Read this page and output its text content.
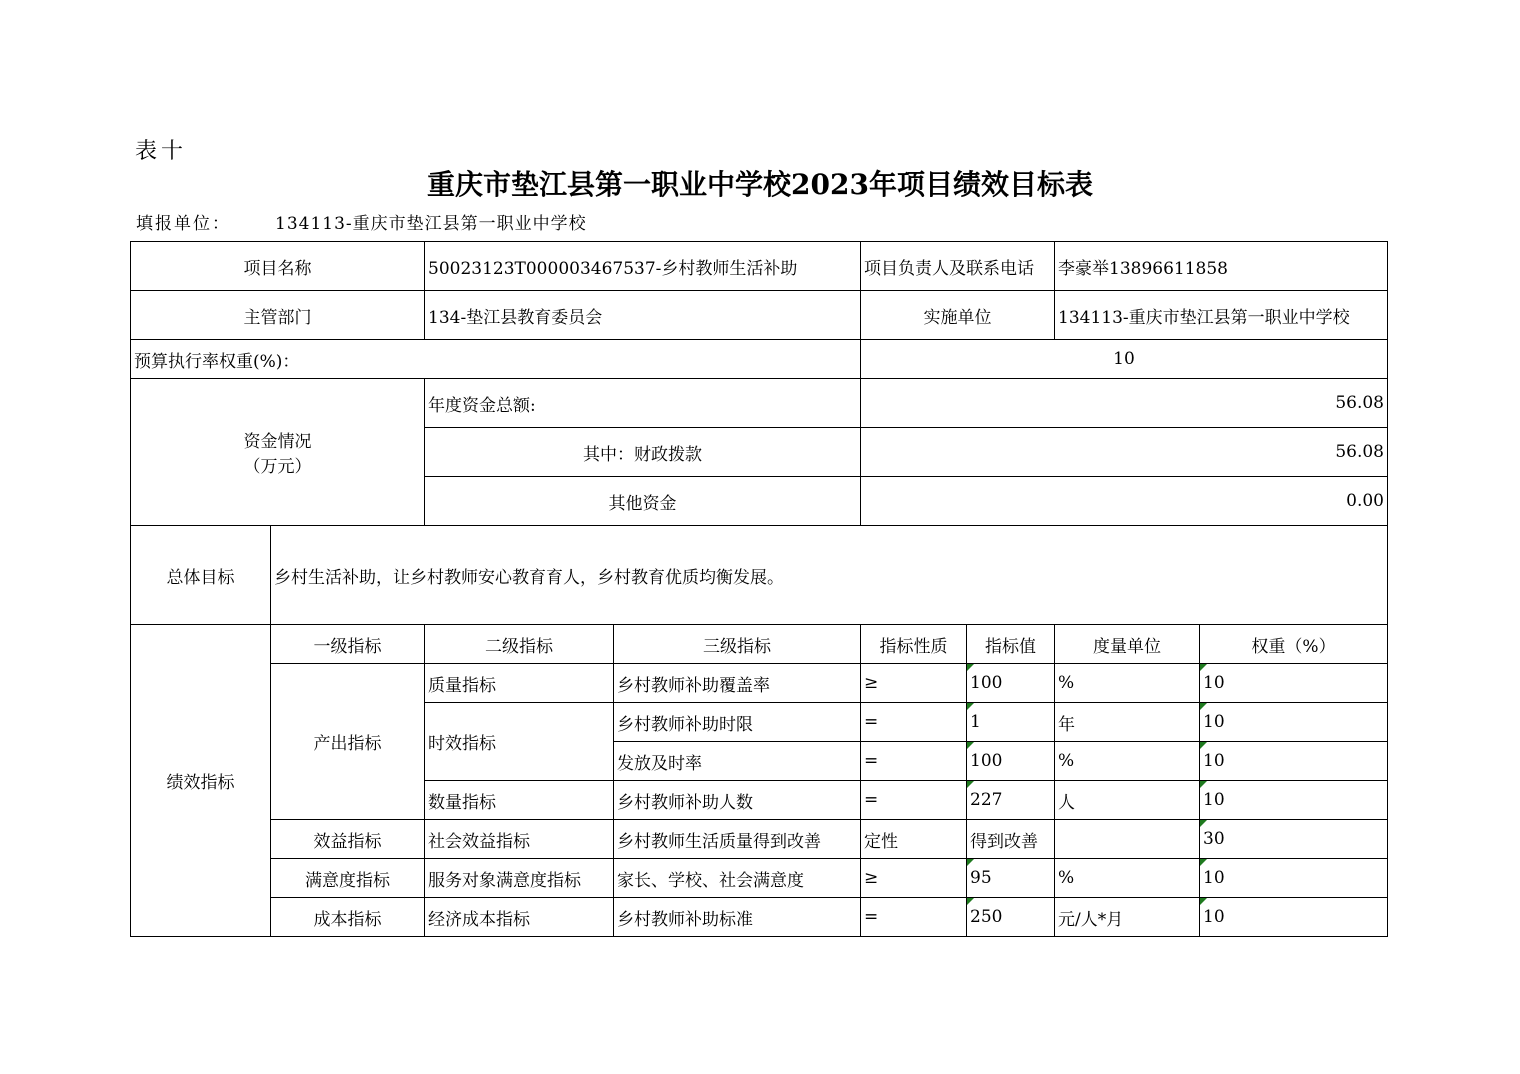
表十
重庆市垫江县第一职业中学校2023年项目绩效目标表
填报单位：	134113-重庆市垫江县第一职业中学校
项目名称		50023123T000003467537-乡村教师生活补助		项目负责人及联系电话		李豪举13896611858	
主管部门		134-垫江县教育委员会		实施单位		134113-重庆市垫江县第一职业中学校	
预算执行率权重(%)：				10			

资金情况
（万元）		年度资金总额:		56.08			
		其中：财政拨款		56.08			
		其他资金		0.00			
总体目标	乡村生活补助，让乡村教师安心教育育人，乡村教育优质均衡发展。						
绩效指标	一级指标	二级指标	三级指标	指标性质	指标值	度量单位	权重（%）
	产出指标	质量指标	乡村教师补助覆盖率	≥	100	%	10
		时效指标	乡村教师补助时限	=	1	年	10
			发放及时率	=	100	%	10
		数量指标	乡村教师补助人数	=	227	人	10
	效益指标	社会效益指标	乡村教师生活质量得到改善	定性	得到改善		30
	满意度指标	服务对象满意度指标	家长、学校、社会满意度	≥	95	%	10
	成本指标	经济成本指标	乡村教师补助标准	=	250	元/人*月	10
